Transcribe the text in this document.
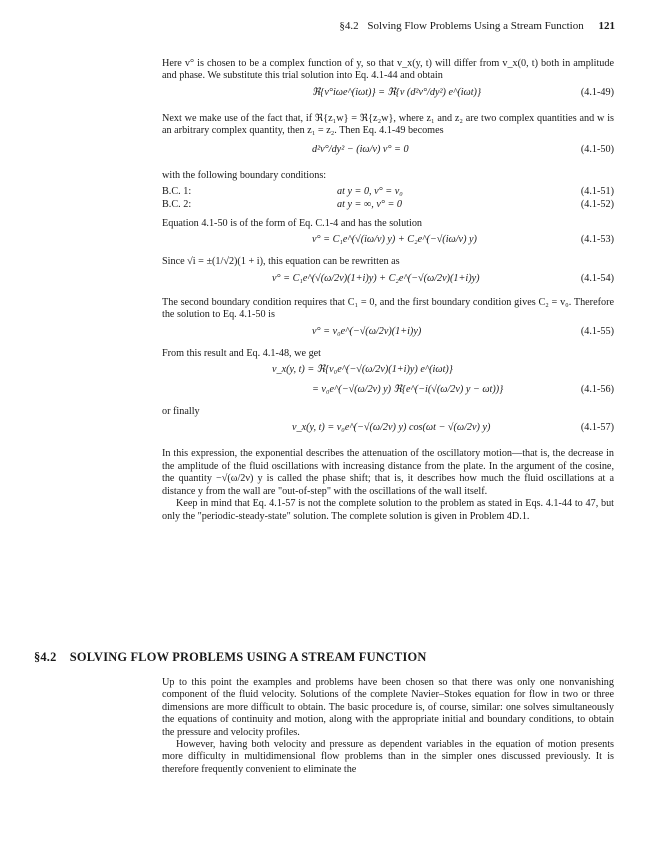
§4.2 Solving Flow Problems Using a Stream Function 121

Here v° is chosen to be a complex function of y, so that v_x(y, t) will differ from v_x(0, t) both in amplitude and phase. We substitute this trial solution into Eq. 4.1-44 and obtain

ℜ{v°iωe^(iωt)} = ℜ{ν (d²v°/dy²) e^(iωt)}	(4.1-49)

Next we make use of the fact that, if ℜ{z₁w} = ℜ{z₂w}, where z₁ and z₂ are two complex quantities and w is an arbitrary complex quantity, then z₁ = z₂. Then Eq. 4.1-49 becomes

d²v°/dy² − (iω/ν) v° = 0	(4.1-50)

with the following boundary conditions:

B.C. 1:	at y = 0, v° = v₀	(4.1-51)
B.C. 2:	at y = ∞, v° = 0	(4.1-52)

Equation 4.1-50 is of the form of Eq. C.1-4 and has the solution

v° = C₁e^(√(iω/ν) y) + C₂e^(−√(iω/ν) y)	(4.1-53)

Since √i = ±(1/√2)(1 + i), this equation can be rewritten as

v° = C₁e^(√(ω/2ν)(1+i)y) + C₂e^(−√(ω/2ν)(1+i)y)	(4.1-54)

The second boundary condition requires that C₁ = 0, and the first boundary condition gives C₂ = v₀. Therefore the solution to Eq. 4.1-50 is

v° = v₀e^(−√(ω/2ν)(1+i)y)	(4.1-55)

From this result and Eq. 4.1-48, we get

v_x(y, t) = ℜ{v₀e^(−√(ω/2ν)(1+i)y) e^(iωt)}
= v₀e^(−√(ω/2ν) y) ℜ{e^(−i(√(ω/2ν) y − ωt))}	(4.1-56)

or finally

v_x(y, t) = v₀e^(−√(ω/2ν) y) cos(ωt − √(ω/2ν) y)	(4.1-57)

In this expression, the exponential describes the attenuation of the oscillatory motion—that is, the decrease in the amplitude of the fluid oscillations with increasing distance from the plate. In the argument of the cosine, the quantity −√(ω/2ν) y is called the phase shift; that is, it describes how much the fluid oscillations at a distance y from the wall are "out-of-step" with the oscillations of the wall itself.

Keep in mind that Eq. 4.1-57 is not the complete solution to the problem as stated in Eqs. 4.1-44 to 47, but only the "periodic-steady-state" solution. The complete solution is given in Problem 4D.1.

§4.2 SOLVING FLOW PROBLEMS USING A STREAM FUNCTION

Up to this point the examples and problems have been chosen so that there was only one nonvanishing component of the fluid velocity. Solutions of the complete Navier–Stokes equation for flow in two or three dimensions are more difficult to obtain. The basic procedure is, of course, similar: one solves simultaneously the equations of continuity and motion, along with the appropriate initial and boundary conditions, to obtain the pressure and velocity profiles.

However, having both velocity and pressure as dependent variables in the equation of motion presents more difficulty in multidimensional flow problems than in the simpler ones discussed previously. It is therefore frequently convenient to eliminate the
